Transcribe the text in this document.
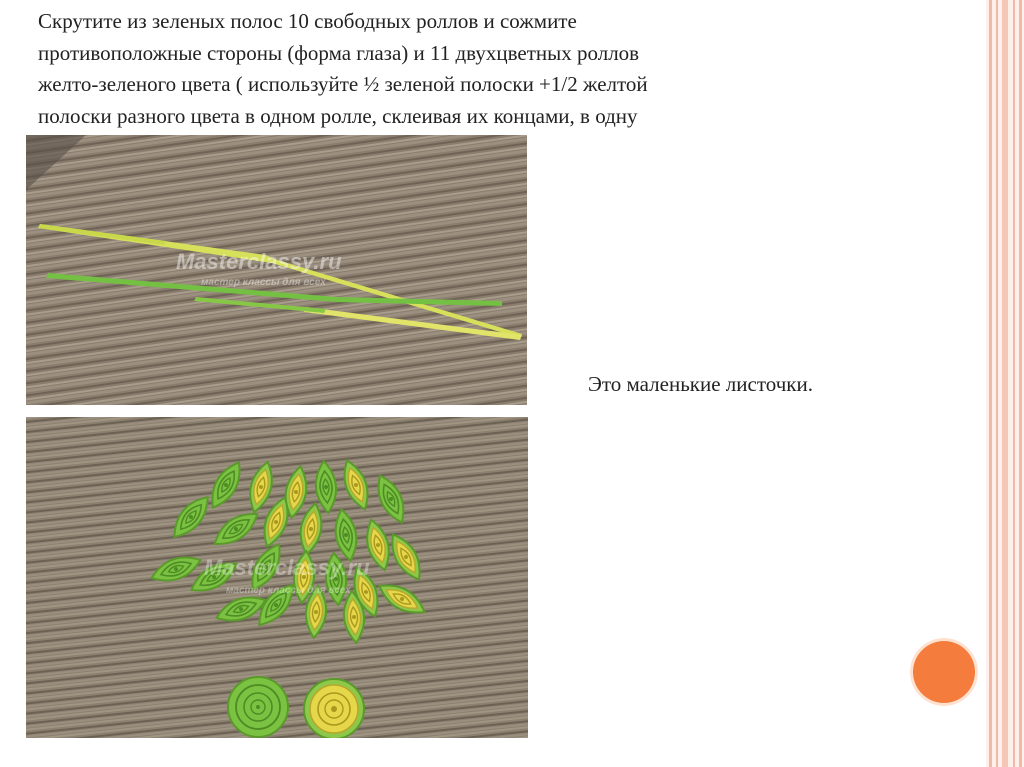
Скрутите из зеленых полос 10 свободных роллов и сожмите
противоположные стороны (форма глаза) и 11 двухцветных роллов
желто-зеленого цвета ( используйте ½ зеленой полоски +1/2 желтой
полоски разного цвета в одном ролле, склеивая их концами, в одну
Masterclassy.ru
мастер классы для всех
Masterclassy.ru
мастер классы для всех
Это маленькие листочки.
